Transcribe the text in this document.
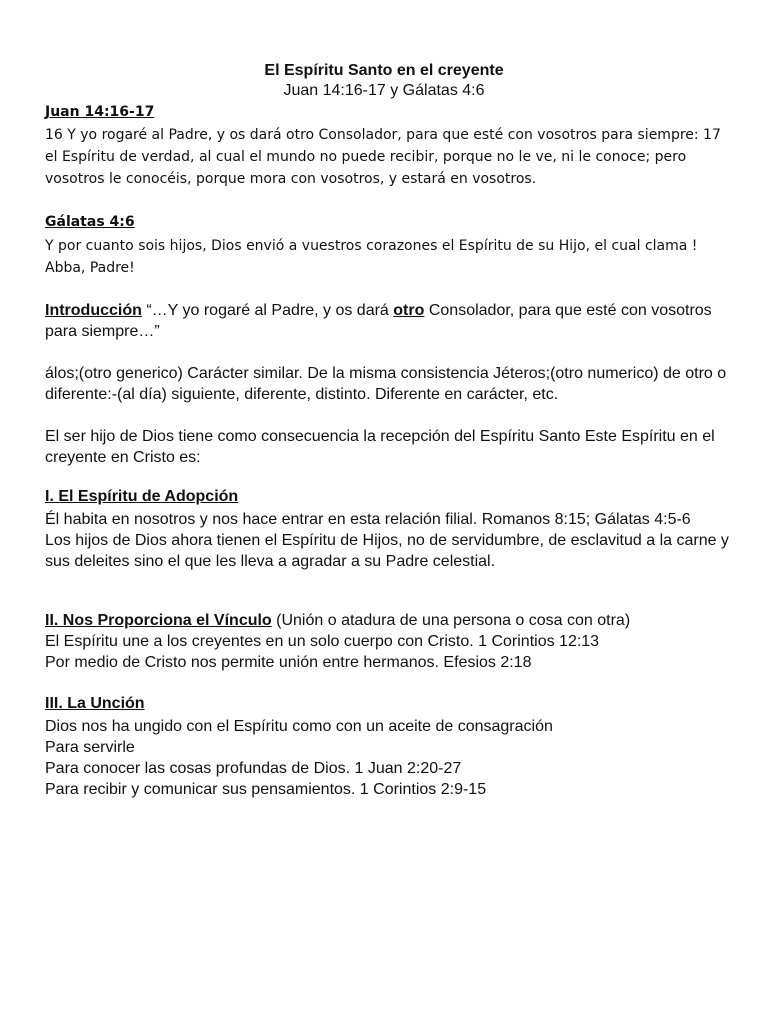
El Espíritu Santo en el creyente
Juan 14:16-17 y Gálatas 4:6
Juan 14:16-17
16 Y yo rogaré al Padre, y os dará otro Consolador, para que esté con vosotros para siempre: 17 el Espíritu de verdad, al cual el mundo no puede recibir, porque no le ve, ni le conoce; pero vosotros le conocéis, porque mora con vosotros, y estará en vosotros.
Gálatas 4:6
Y por cuanto sois hijos, Dios envió a vuestros corazones el Espíritu de su Hijo, el cual clama ! Abba, Padre!
Introducción “…Y yo rogaré al Padre, y os dará otro Consolador, para que esté con vosotros para siempre…”
álos;(otro generico) Carácter similar. De la misma consistencia Jéteros;(otro numerico) de otro o diferente:-(al día) siguiente, diferente, distinto. Diferente en carácter, etc.
El ser hijo de Dios tiene como consecuencia la recepción del Espíritu Santo Este Espíritu en el creyente en Cristo es:
I. El Espíritu de Adopción
Él habita en nosotros y nos hace entrar en esta relación filial. Romanos 8:15; Gálatas 4:5-6
Los hijos de Dios ahora tienen el Espíritu de Hijos, no de servidumbre, de esclavitud a la carne y sus deleites sino el que les lleva a agradar a su Padre celestial.
II. Nos Proporciona el Vínculo (Unión o atadura de una persona o cosa con otra)
El Espíritu une a los creyentes en un solo cuerpo con Cristo. 1 Corintios 12:13
Por medio de Cristo nos permite unión entre hermanos. Efesios 2:18
III. La Unción
Dios nos ha ungido con el Espíritu como con un aceite de consagración
Para servirle
Para conocer las cosas profundas de Dios. 1 Juan 2:20-27
Para recibir y comunicar sus pensamientos. 1 Corintios 2:9-15
